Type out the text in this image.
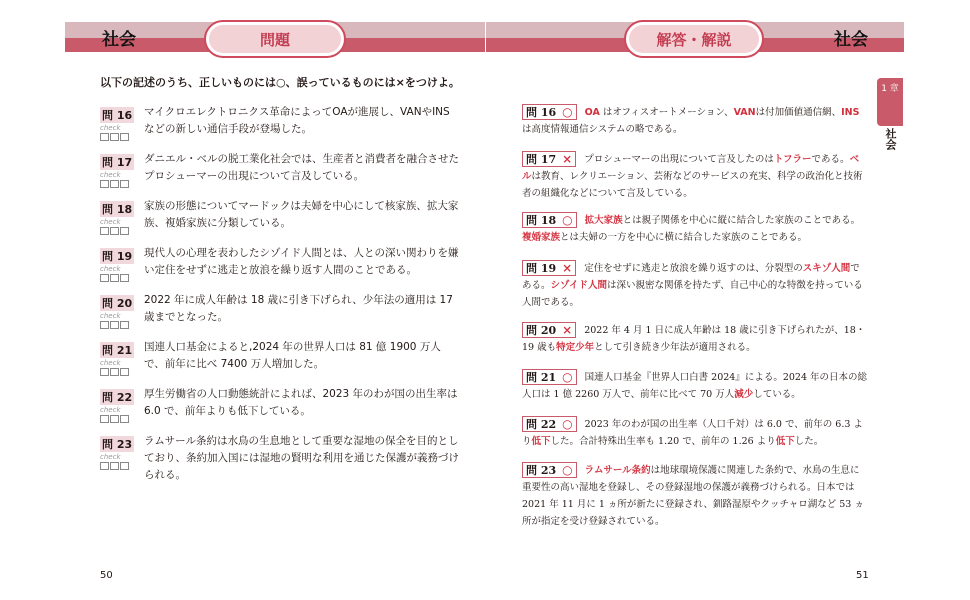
社会	社会
問題	解答・解説
以下の記述のうち、正しいものには○、誤っているものには×をつけよ。
問 16
check
マイクロエレクトロニクス革命によってOAが進展し、VANやINSなどの新しい通信手段が登場した。
問 17
check
ダニエル・ベルの脱工業化社会では、生産者と消費者を融合させたプロシューマーの出現について言及している。
問 18
check
家族の形態についてマードックは夫婦を中心にして核家族、拡大家族、複婚家族に分類している。
問 19
check
現代人の心理を表わしたシゾイド人間とは、人との深い関わりを嫌い定住をせずに逃走と放浪を繰り返す人間のことである。
問 20
check
2022 年に成人年齢は 18 歳に引き下げられ、少年法の適用は 17 歳までとなった。
問 21
check
国連人口基金によると,2024 年の世界人口は 81 億 1900 万人で、前年に比べ 7400 万人増加した。
問 22
check
厚生労働省の人口動態統計によれば、2023 年のわが国の出生率は 6.0 で、前年よりも低下している。
問 23
check
ラムサール条約は水鳥の生息地として重要な湿地の保全を目的としており、条約加入国には湿地の賢明な利用を通じた保護が義務づけられる。
問 16 ○ OA はオフィスオートメーション、VANは付加価値通信網、INSは高度情報通信システムの略である。
問 17 × プロシューマーの出現について言及したのはトフラーである。ベルは教育、レクリエーション、芸術などのサービスの充実、科学の政治化と技術者の組織化などについて言及している。
問 18 ○ 拡大家族とは親子関係を中心に縦に結合した家族のことである。複婚家族とは夫婦の一方を中心に横に結合した家族のことである。
問 19 × 定住をせずに逃走と放浪を繰り返すのは、分裂型のスキゾ人間である。シゾイド人間は深い親密な関係を持たず、自己中心的な特徴を持っている人間である。
問 20 × 2022 年 4 月 1 日に成人年齢は 18 歳に引き下げられたが、18・19 歳も特定少年として引き続き少年法が適用される。
問 21 ○ 国連人口基金『世界人口白書 2024』による。2024 年の日本の総人口は 1 億 2260 万人で、前年に比べて 70 万人減少している。
問 22 ○ 2023 年のわが国の出生率（人口千対）は 6.0 で、前年の 6.3 より低下した。合計特殊出生率も 1.20 で、前年の 1.26 より低下した。
問 23 ○ ラムサール条約は地球環境保護に関連した条約で、水鳥の生息に重要性の高い湿地を登録し、その登録湿地の保護が義務づけられる。日本では 2021 年 11 月に 1 ヵ所が新たに登録され、釧路湿原やクッチャロ湖など 53 ヵ所が指定を受け登録されている。
1 章
社会
50	51
